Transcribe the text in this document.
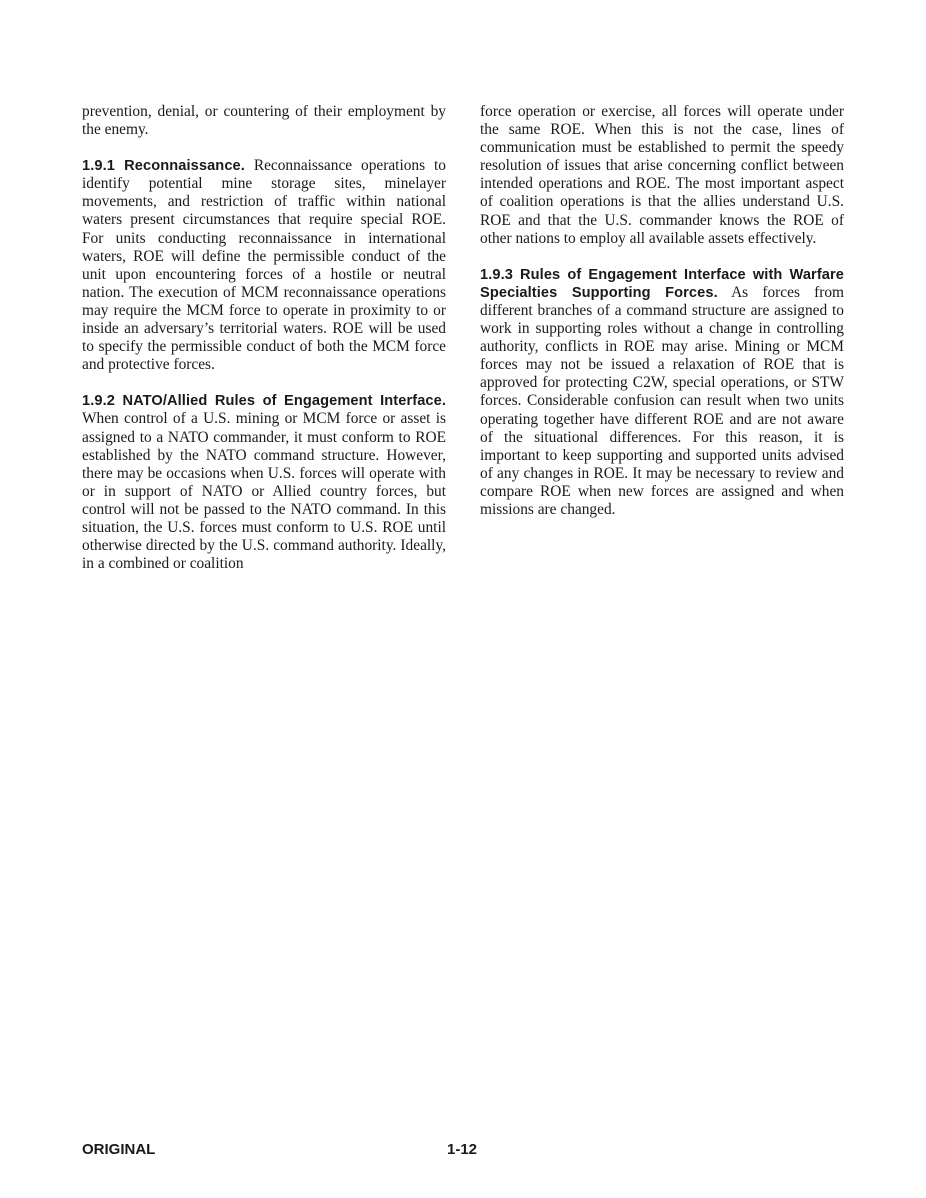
prevention, denial, or countering of their employment by the enemy.

1.9.1 Reconnaissance. Reconnaissance operations to identify potential mine storage sites, minelayer movements, and restriction of traffic within national waters present circumstances that require special ROE. For units conducting reconnaissance in international waters, ROE will define the permissible conduct of the unit upon encountering forces of a hostile or neutral nation. The execution of MCM reconnaissance operations may require the MCM force to operate in proximity to or inside an adversary’s territorial waters. ROE will be used to specify the permissible conduct of both the MCM force and protective forces.

1.9.2 NATO/Allied Rules of Engagement Interface. When control of a U.S. mining or MCM force or asset is assigned to a NATO commander, it must conform to ROE established by the NATO command structure. However, there may be occasions when U.S. forces will operate with or in support of NATO or Allied country forces, but control will not be passed to the NATO command. In this situation, the U.S. forces must conform to U.S. ROE until otherwise directed by the U.S. command authority. Ideally, in a combined or coalition

force operation or exercise, all forces will operate under the same ROE. When this is not the case, lines of communication must be established to permit the speedy resolution of issues that arise concerning conflict between intended operations and ROE. The most important aspect of coalition operations is that the allies understand U.S. ROE and that the U.S. commander knows the ROE of other nations to employ all available assets effectively.

1.9.3 Rules of Engagement Interface with Warfare Specialties Supporting Forces. As forces from different branches of a command structure are assigned to work in supporting roles without a change in controlling authority, conflicts in ROE may arise. Mining or MCM forces may not be issued a relaxation of ROE that is approved for protecting C2W, special operations, or STW forces. Considerable confusion can result when two units operating together have different ROE and are not aware of the situational differences. For this reason, it is important to keep supporting and supported units advised of any changes in ROE. It may be necessary to review and compare ROE when new forces are assigned and when missions are changed.

ORIGINAL	1-12
